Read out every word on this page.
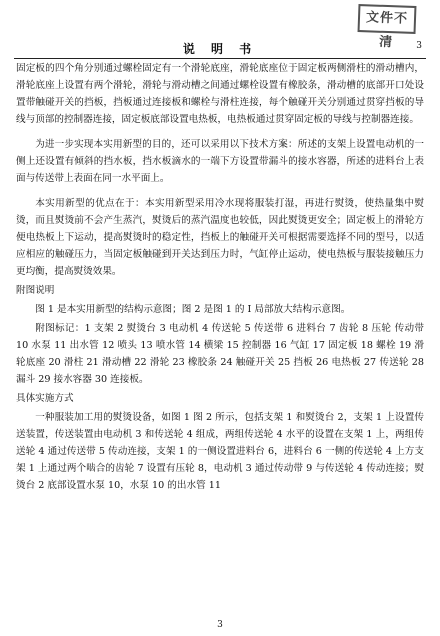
文件不清
说 明 书	3

固定板的四个角分别通过螺栓固定有一个滑轮底座，滑轮底座位于固定板两侧滑柱的滑动槽内，滑轮底座上设置有两个滑轮，滑轮与滑动槽之间通过螺栓设置有橡胶条，滑动槽的底部开口处设置带触碰开关的挡板，挡板通过连接板和螺栓与滑柱连接，每个触碰开关分别通过贯穿挡板的导线与顶部的控制器连接，固定板底部设置电热板，电热板通过贯穿固定板的导线与控制器连接。

为进一步实现本实用新型的目的，还可以采用以下技术方案：所述的支架上设置电动机的一侧上还设置有倾斜的挡水板，挡水板滴水的一端下方设置带漏斗的接水容器，所述的进料台上表面与传送带上表面在同一水平面上。

本实用新型的优点在于：本实用新型采用冷水现将服装打湿，再进行熨烫，使热量集中熨烫，而且熨烫前不会产生蒸汽，熨烫后的蒸汽温度也较低，因此熨烫更安全；固定板上的滑轮方便电热板上下运动，提高熨烫时的稳定性，挡板上的触碰开关可根据需要选择不同的型号，以适应相应的触碰压力，当固定板触碰到开关达到压力时，气缸停止运动，使电热板与服装接触压力更均衡，提高熨烫效果。

附图说明

图 1 是本实用新型的结构示意图；图 2 是图 1 的 I 局部放大结构示意图。

附图标记：1 支架 2 熨烫台 3 电动机 4 传送轮 5 传送带 6 进料台 7 齿轮 8 压轮 传动带 10 水泵 11 出水管 12 喷头 13 喷水管 14 横梁 15 控制器 16 气缸 17 固定板 18 螺栓 19 滑轮底座 20 滑柱 21 滑动槽 22 滑轮 23 橡胶条 24 触碰开关 25 挡板 26 电热板 27 传送轮 28 漏斗 29 接水容器 30 连接板。

具体实施方式

一种服装加工用的熨烫设备，如图 1 图 2 所示，包括支架 1 和熨烫台 2，支架 1 上设置传送装置，传送装置由电动机 3 和传送轮 4 组成，两组传送轮 4 水平的设置在支架 1 上，两组传送轮 4 通过传送带 5 传动连接，支架 1 的一侧设置进料台 6，进料台 6 一侧的传送轮 4 上方支架 1 上通过两个啮合的齿轮 7 设置有压轮 8，电动机 3 通过传动带 9 与传送轮 4 传动连接；熨烫台 2 底部设置水泵 10，水泵 10 的出水管 11

3
